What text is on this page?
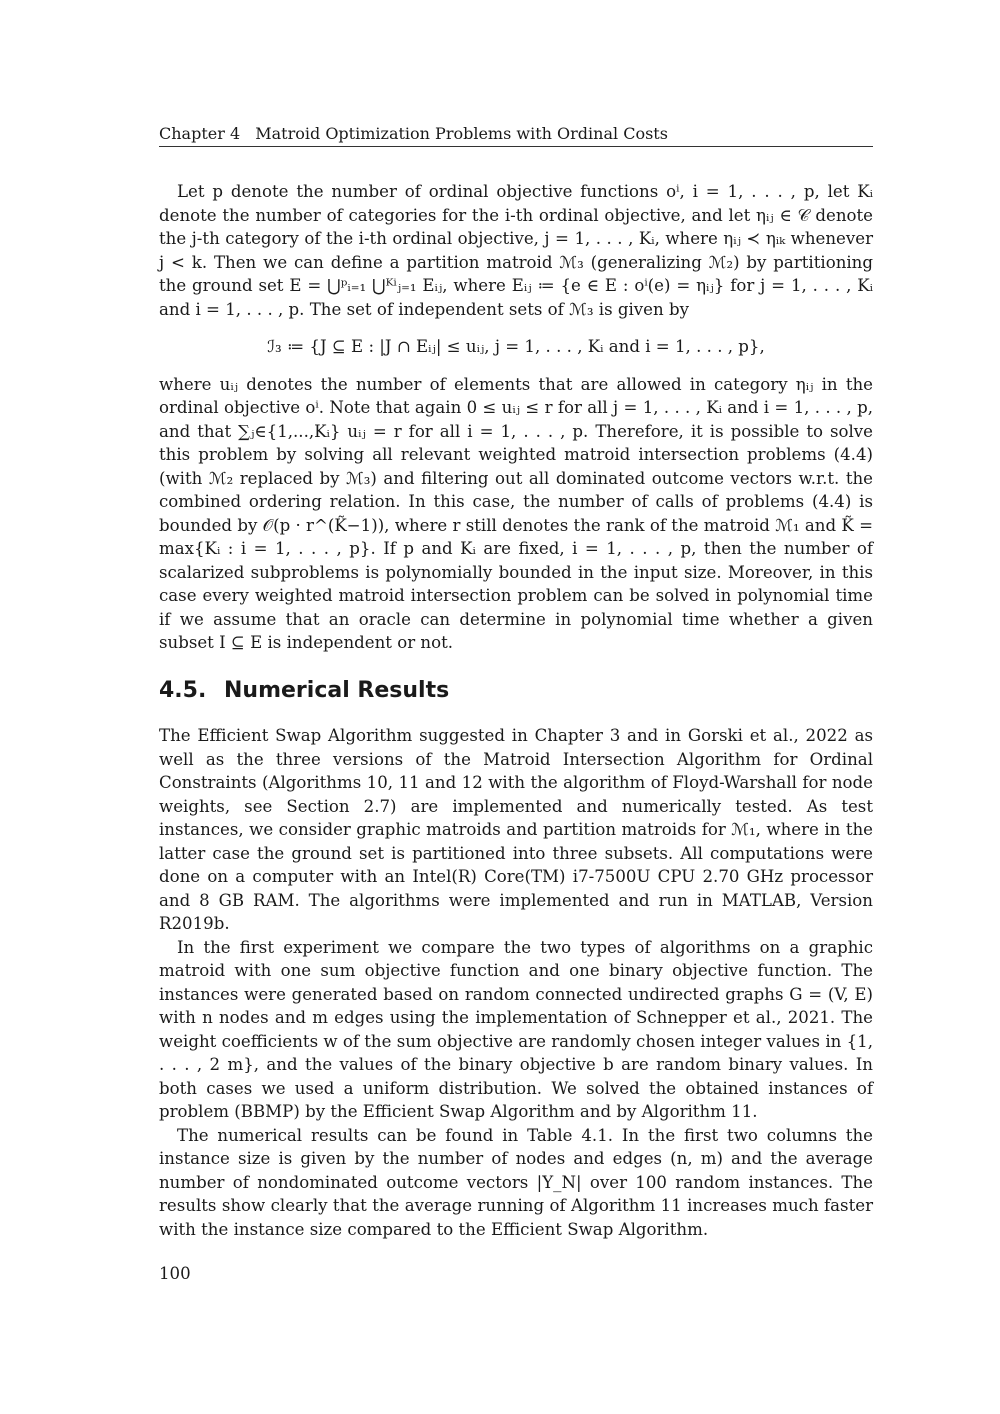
Chapter 4 Matroid Optimization Problems with Ordinal Costs

Let p denote the number of ordinal objective functions oⁱ, i = 1, . . . , p, let Kᵢ denote the number of categories for the i-th ordinal objective, and let ηᵢⱼ ∈ 𝒞 denote the j-th category of the i-th ordinal objective, j = 1, . . . , Kᵢ, where ηᵢⱼ ≺ ηᵢₖ whenever j < k. Then we can define a partition matroid ℳ₃ (generalizing ℳ₂) by partitioning the ground set E = ⋃ᵖᵢ₌₁ ⋃ᴷⁱⱼ₌₁ Eᵢⱼ, where Eᵢⱼ ≔ {e ∈ E : oⁱ(e) = ηᵢⱼ} for j = 1, . . . , Kᵢ and i = 1, . . . , p. The set of independent sets of ℳ₃ is given by

ℐ₃ ≔ {J ⊆ E : |J ∩ Eᵢⱼ| ≤ uᵢⱼ, j = 1, . . . , Kᵢ and i = 1, . . . , p},

where uᵢⱼ denotes the number of elements that are allowed in category ηᵢⱼ in the ordinal objective oⁱ. Note that again 0 ≤ uᵢⱼ ≤ r for all j = 1, . . . , Kᵢ and i = 1, . . . , p, and that ∑ⱼ∈{1,...,Kᵢ} uᵢⱼ = r for all i = 1, . . . , p. Therefore, it is possible to solve this problem by solving all relevant weighted matroid intersection problems (4.4) (with ℳ₂ replaced by ℳ₃) and filtering out all dominated outcome vectors w.r.t. the combined ordering relation. In this case, the number of calls of problems (4.4) is bounded by 𝒪(p · r^(K̃−1)), where r still denotes the rank of the matroid ℳ₁ and K̃ = max{Kᵢ : i = 1, . . . , p}. If p and Kᵢ are fixed, i = 1, . . . , p, then the number of scalarized subproblems is polynomially bounded in the input size. Moreover, in this case every weighted matroid intersection problem can be solved in polynomial time if we assume that an oracle can determine in polynomial time whether a given subset I ⊆ E is independent or not.

4.5. Numerical Results

The Efficient Swap Algorithm suggested in Chapter 3 and in Gorski et al., 2022 as well as the three versions of the Matroid Intersection Algorithm for Ordinal Constraints (Algorithms 10, 11 and 12 with the algorithm of Floyd-Warshall for node weights, see Section 2.7) are implemented and numerically tested. As test instances, we consider graphic matroids and partition matroids for ℳ₁, where in the latter case the ground set is partitioned into three subsets. All computations were done on a computer with an Intel(R) Core(TM) i7-7500U CPU 2.70 GHz processor and 8 GB RAM. The algorithms were implemented and run in MATLAB, Version R2019b.

In the first experiment we compare the two types of algorithms on a graphic matroid with one sum objective function and one binary objective function. The instances were generated based on random connected undirected graphs G = (V, E) with n nodes and m edges using the implementation of Schnepper et al., 2021. The weight coefficients w of the sum objective are randomly chosen integer values in {1, . . . , 2 m}, and the values of the binary objective b are random binary values. In both cases we used a uniform distribution. We solved the obtained instances of problem (BBMP) by the Efficient Swap Algorithm and by Algorithm 11.

The numerical results can be found in Table 4.1. In the first two columns the instance size is given by the number of nodes and edges (n, m) and the average number of nondominated outcome vectors |Y_N| over 100 random instances. The results show clearly that the average running of Algorithm 11 increases much faster with the instance size compared to the Efficient Swap Algorithm.

100
